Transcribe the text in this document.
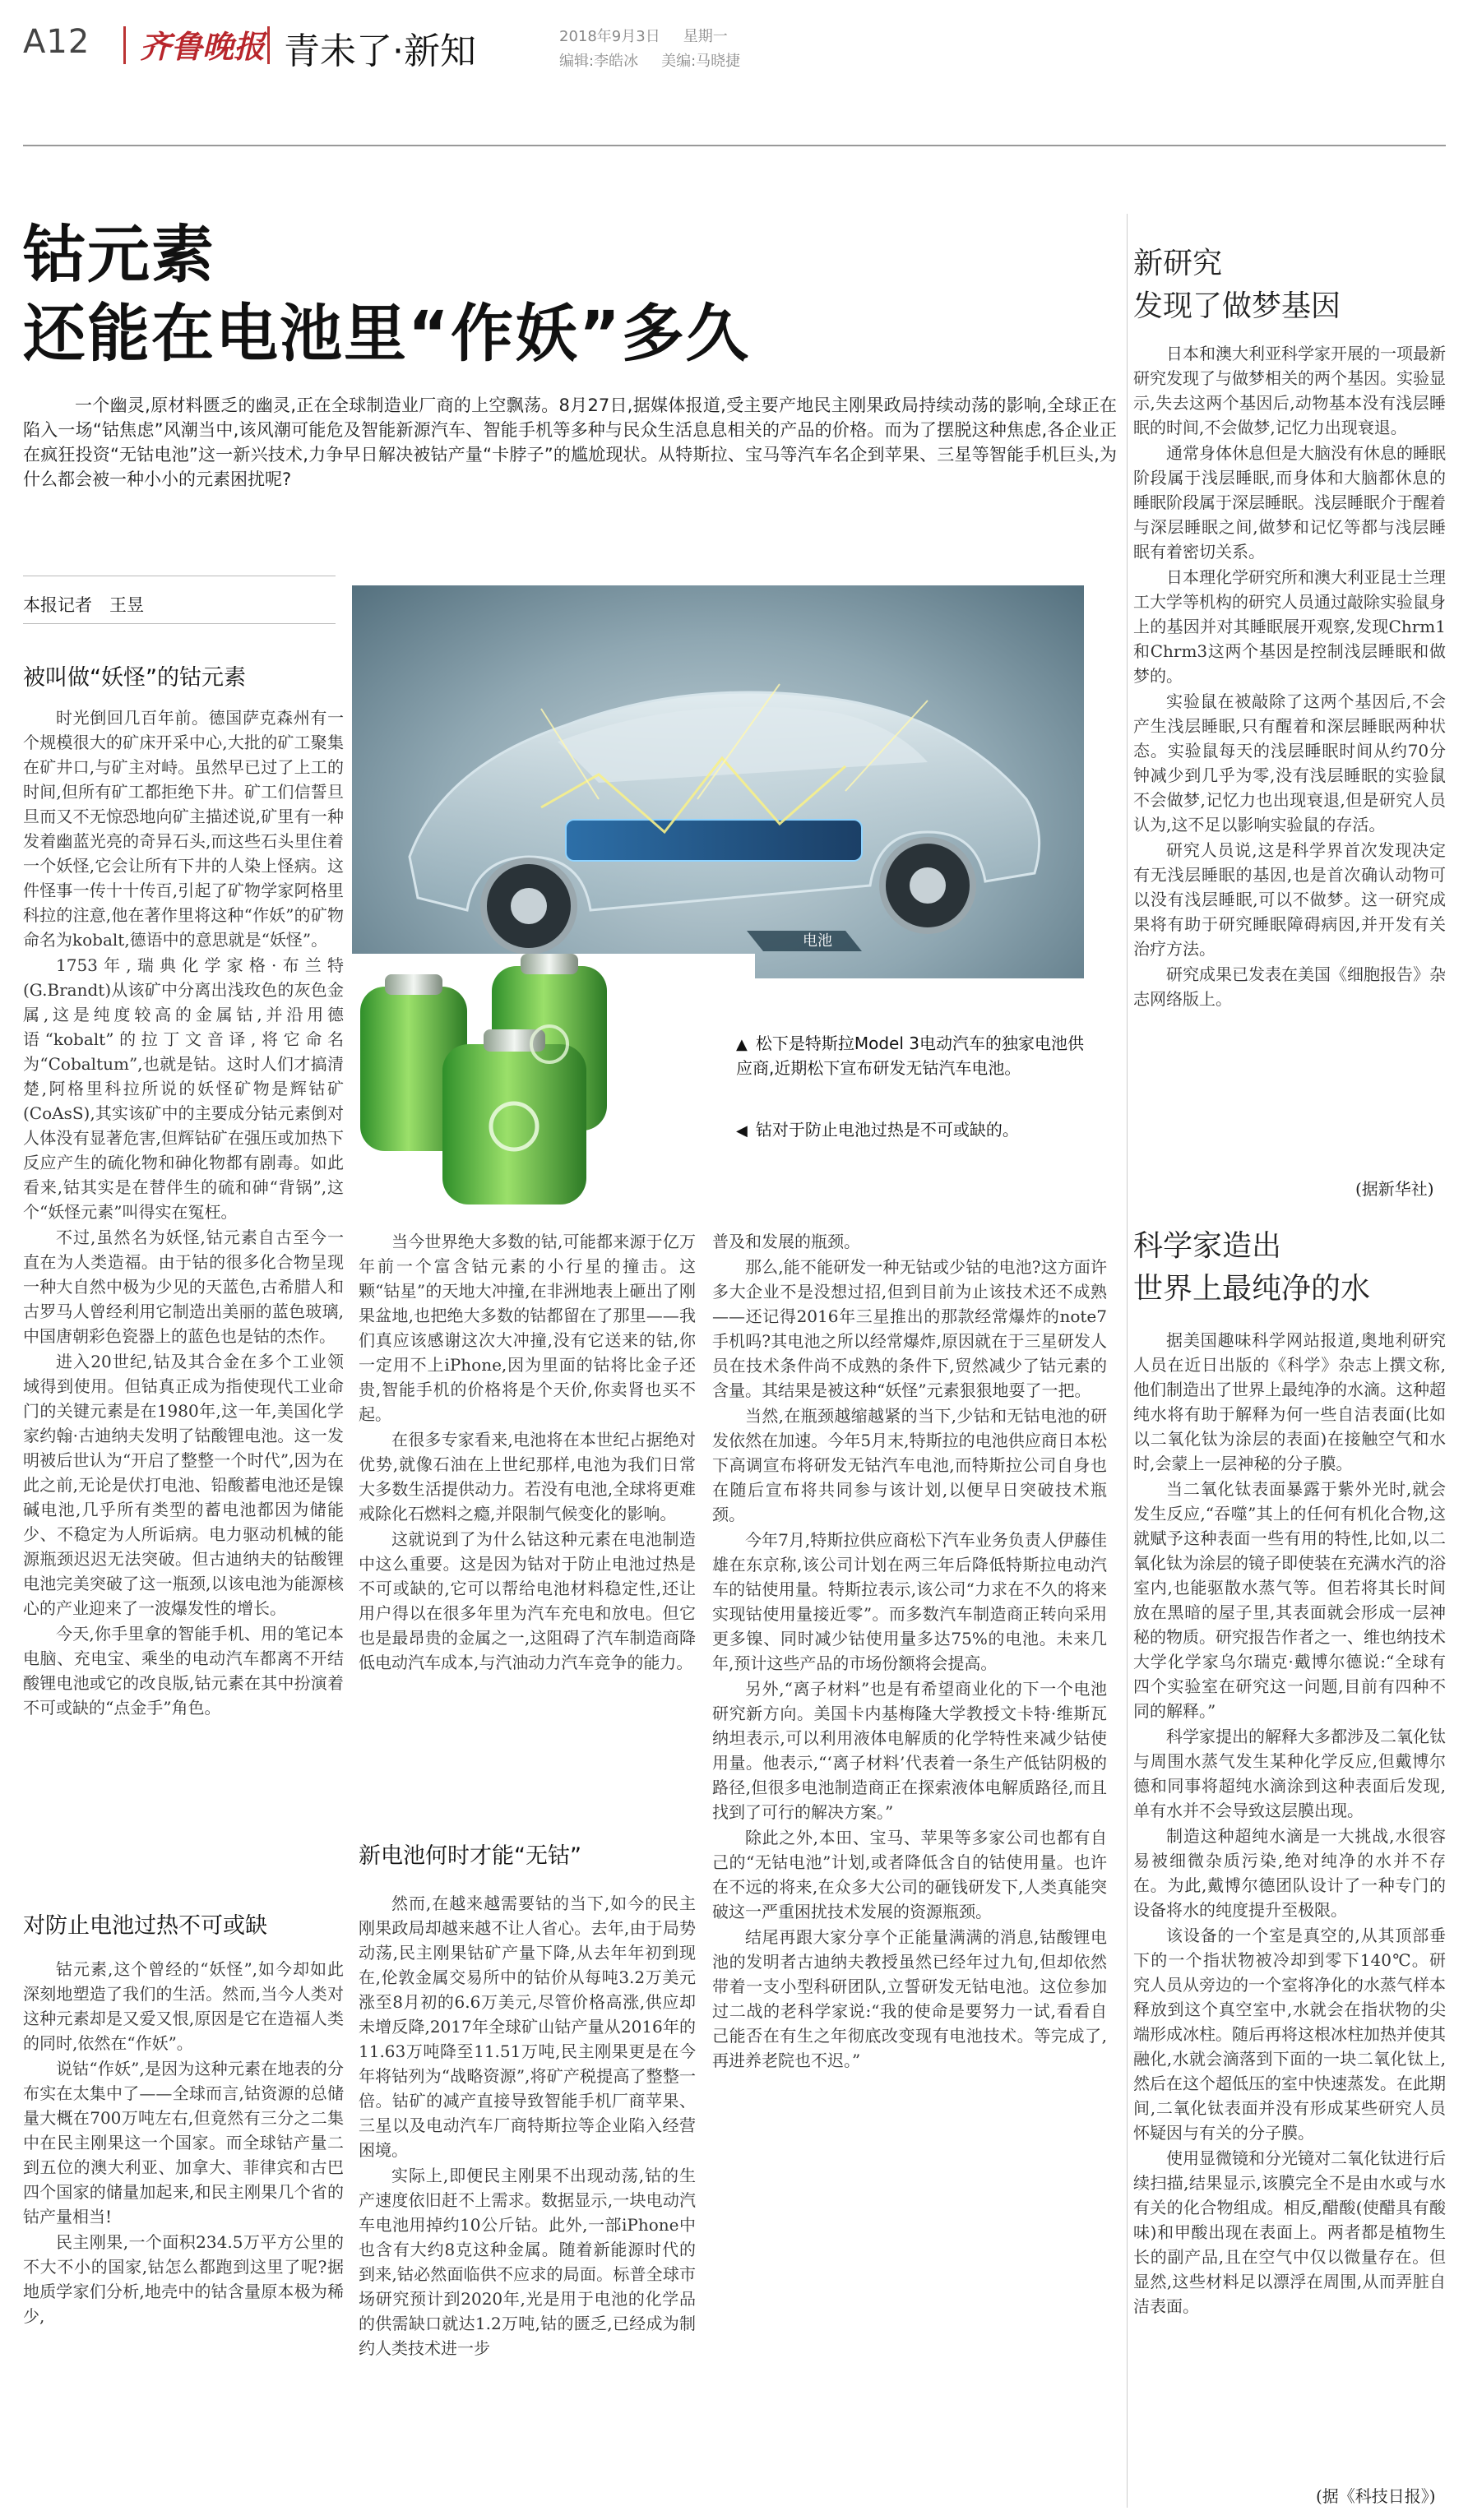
A12 齐鲁晚报 青未了·新知	2018年9月3日 星期一
编辑:李皓冰 美编:马晓捷
钴元素
还能在电池里“作妖”多久
一个幽灵,原材料匮乏的幽灵,正在全球制造业厂商的上空飘荡。8月27日,据媒体报道,受主要产地民主刚果政局持续动荡的影响,全球正在陷入一场“钴焦虑”风潮当中,该风潮可能危及智能新源汽车、智能手机等多种与民众生活息息相关的产品的价格。而为了摆脱这种焦虑,各企业正在疯狂投资“无钴电池”这一新兴技术,力争早日解决被钴产量“卡脖子”的尴尬现状。从特斯拉、宝马等汽车名企到苹果、三星等智能手机巨头,为什么都会被一种小小的元素困扰呢?
本报记者　王昱
电池
▲ 松下是特斯拉Model 3电动汽车的独家电池供应商,近期松下宣布研发无钴汽车电池。
◀ 钴对于防止电池过热是不可或缺的。
被叫做“妖怪”的钴元素

时光倒回几百年前。德国萨克森州有一个规模很大的矿床开采中心,大批的矿工聚集在矿井口,与矿主对峙。虽然早已过了上工的时间,但所有矿工都拒绝下井。矿工们信誓旦旦而又不无惊恐地向矿主描述说,矿里有一种发着幽蓝光亮的奇异石头,而这些石头里住着一个妖怪,它会让所有下井的人染上怪病。这件怪事一传十十传百,引起了矿物学家阿格里科拉的注意,他在著作里将这种“作妖”的矿物命名为kobalt,德语中的意思就是“妖怪”。

1753年,瑞典化学家格·布兰特(G.Brandt)从该矿中分离出浅玫色的灰色金属,这是纯度较高的金属钴,并沿用德语“kobalt”的拉丁文音译,将它命名为“Cobaltum”,也就是钴。这时人们才搞清楚,阿格里科拉所说的妖怪矿物是辉钴矿(CoAsS),其实该矿中的主要成分钴元素倒对人体没有显著危害,但辉钴矿在强压或加热下反应产生的硫化物和砷化物都有剧毒。如此看来,钴其实是在替伴生的硫和砷“背锅”,这个“妖怪元素”叫得实在冤枉。

不过,虽然名为妖怪,钴元素自古至今一直在为人类造福。由于钴的很多化合物呈现一种大自然中极为少见的天蓝色,古希腊人和古罗马人曾经利用它制造出美丽的蓝色玻璃,中国唐朝彩色瓷器上的蓝色也是钴的杰作。

进入20世纪,钴及其合金在多个工业领域得到使用。但钴真正成为指使现代工业命门的关键元素是在1980年,这一年,美国化学家约翰·古迪纳夫发明了钴酸锂电池。这一发明被后世认为“开启了整整一个时代”,因为在此之前,无论是伏打电池、铅酸蓄电池还是镍碱电池,几乎所有类型的蓄电池都因为储能少、不稳定为人所诟病。电力驱动机械的能源瓶颈迟迟无法突破。但古迪纳夫的钴酸锂电池完美突破了这一瓶颈,以该电池为能源核心的产业迎来了一波爆发性的增长。

今天,你手里拿的智能手机、用的笔记本电脑、充电宝、乘坐的电动汽车都离不开结酸锂电池或它的改良版,钴元素在其中扮演着不可或缺的“点金手”角色。

对防止电池过热不可或缺

钴元素,这个曾经的“妖怪”,如今却如此深刻地塑造了我们的生活。然而,当今人类对这种元素却是又爱又恨,原因是它在造福人类的同时,依然在“作妖”。

说钴“作妖”,是因为这种元素在地表的分布实在太集中了——全球而言,钴资源的总储量大概在700万吨左右,但竟然有三分之二集中在民主刚果这一个国家。而全球钴产量二到五位的澳大利亚、加拿大、菲律宾和古巴四个国家的储量加起来,和民主刚果几个省的钴产量相当!

民主刚果,一个面积234.5万平方公里的不大不小的国家,钴怎么都跑到这里了呢?据地质学家们分析,地壳中的钴含量原本极为稀少,

当今世界绝大多数的钴,可能都来源于亿万年前一个富含钴元素的小行星的撞击。这颗“钴星”的天地大冲撞,在非洲地表上砸出了刚果盆地,也把绝大多数的钴都留在了那里——我们真应该感谢这次大冲撞,没有它送来的钴,你一定用不上iPhone,因为里面的钴将比金子还贵,智能手机的价格将是个天价,你卖肾也买不起。

在很多专家看来,电池将在本世纪占据绝对优势,就像石油在上世纪那样,电池为我们日常大多数生活提供动力。若没有电池,全球将更难戒除化石燃料之瘾,并限制气候变化的影响。

这就说到了为什么钴这种元素在电池制造中这么重要。这是因为钴对于防止电池过热是不可或缺的,它可以帮给电池材料稳定性,还让用户得以在很多年里为汽车充电和放电。但它也是最昂贵的金属之一,这阻碍了汽车制造商降低电动汽车成本,与汽油动力汽车竞争的能力。

新电池何时才能“无钴”

然而,在越来越需要钴的当下,如今的民主刚果政局却越来越不让人省心。去年,由于局势动荡,民主刚果钴矿产量下降,从去年年初到现在,伦敦金属交易所中的钴价从每吨3.2万美元涨至8月初的6.6万美元,尽管价格高涨,供应却未增反降,2017年全球矿山钴产量从2016年的11.63万吨降至11.51万吨,民主刚果更是在今年将钴列为“战略资源”,将矿产税提高了整整一倍。钴矿的减产直接导致智能手机厂商苹果、三星以及电动汽车厂商特斯拉等企业陷入经营困境。

实际上,即便民主刚果不出现动荡,钴的生产速度依旧赶不上需求。数据显示,一块电动汽车电池用掉约10公斤钴。此外,一部iPhone中也含有大约8克这种金属。随着新能源时代的到来,钴必然面临供不应求的局面。标普全球市场研究预计到2020年,光是用于电池的化学品的供需缺口就达1.2万吨,钴的匮乏,已经成为制约人类技术进一步

普及和发展的瓶颈。

那么,能不能研发一种无钴或少钴的电池?这方面许多大企业不是没想过招,但到目前为止该技术还不成熟——还记得2016年三星推出的那款经常爆炸的note7手机吗?其电池之所以经常爆炸,原因就在于三星研发人员在技术条件尚不成熟的条件下,贸然减少了钴元素的含量。其结果是被这种“妖怪”元素狠狠地耍了一把。

当然,在瓶颈越缩越紧的当下,少钴和无钴电池的研发依然在加速。今年5月末,特斯拉的电池供应商日本松下高调宣布将研发无钴汽车电池,而特斯拉公司自身也在随后宣布将共同参与该计划,以便早日突破技术瓶颈。

今年7月,特斯拉供应商松下汽车业务负责人伊藤佳雄在东京称,该公司计划在两三年后降低特斯拉电动汽车的钴使用量。特斯拉表示,该公司“力求在不久的将来实现钴使用量接近零”。而多数汽车制造商正转向采用更多镍、同时减少钴使用量多达75%的电池。未来几年,预计这些产品的市场份额将会提高。

另外,“离子材料”也是有希望商业化的下一个电池研究新方向。美国卡内基梅隆大学教授文卡特·维斯瓦纳坦表示,可以利用液体电解质的化学特性来减少钴使用量。他表示,“‘离子材料’代表着一条生产低钴阴极的路径,但很多电池制造商正在探索液体电解质路径,而且找到了可行的解决方案。”

除此之外,本田、宝马、苹果等多家公司也都有自己的“无钴电池”计划,或者降低含自的钴使用量。也许在不远的将来,在众多大公司的砸钱研发下,人类真能突破这一严重困扰技术发展的资源瓶颈。

结尾再跟大家分享个正能量满满的消息,钴酸锂电池的发明者古迪纳夫教授虽然已经年过九旬,但却依然带着一支小型科研团队,立誓研发无钴电池。这位参加过二战的老科学家说:“我的使命是要努力一试,看看自己能否在有生之年彻底改变现有电池技术。等完成了,再进养老院也不迟。”

新研究
发现了做梦基因

日本和澳大利亚科学家开展的一项最新研究发现了与做梦相关的两个基因。实验显示,失去这两个基因后,动物基本没有浅层睡眠的时间,不会做梦,记忆力出现衰退。

通常身体休息但是大脑没有休息的睡眠阶段属于浅层睡眠,而身体和大脑都休息的睡眠阶段属于深层睡眠。浅层睡眠介于醒着与深层睡眠之间,做梦和记忆等都与浅层睡眠有着密切关系。

日本理化学研究所和澳大利亚昆士兰理工大学等机构的研究人员通过敲除实验鼠身上的基因并对其睡眠展开观察,发现Chrm1和Chrm3这两个基因是控制浅层睡眠和做梦的。

实验鼠在被敲除了这两个基因后,不会产生浅层睡眠,只有醒着和深层睡眠两种状态。实验鼠每天的浅层睡眠时间从约70分钟减少到几乎为零,没有浅层睡眠的实验鼠不会做梦,记忆力也出现衰退,但是研究人员认为,这不足以影响实验鼠的存活。

研究人员说,这是科学界首次发现决定有无浅层睡眠的基因,也是首次确认动物可以没有浅层睡眠,可以不做梦。这一研究成果将有助于研究睡眠障碍病因,并开发有关治疗方法。

研究成果已发表在美国《细胞报告》杂志网络版上。

(据新华社)
科学家造出
世界上最纯净的水

据美国趣味科学网站报道,奥地利研究人员在近日出版的《科学》杂志上撰文称,他们制造出了世界上最纯净的水滴。这种超纯水将有助于解释为何一些自洁表面(比如以二氧化钛为涂层的表面)在接触空气和水时,会蒙上一层神秘的分子膜。

当二氧化钛表面暴露于紫外光时,就会发生反应,“吞噬”其上的任何有机化合物,这就赋予这种表面一些有用的特性,比如,以二氧化钛为涂层的镜子即使装在充满水汽的浴室内,也能驱散水蒸气等。但若将其长时间放在黑暗的屋子里,其表面就会形成一层神秘的物质。研究报告作者之一、维也纳技术大学化学家乌尔瑞克·戴博尔德说:“全球有四个实验室在研究这一问题,目前有四种不同的解释。”

科学家提出的解释大多都涉及二氧化钛与周围水蒸气发生某种化学反应,但戴博尔德和同事将超纯水滴涂到这种表面后发现,单有水并不会导致这层膜出现。

制造这种超纯水滴是一大挑战,水很容易被细微杂质污染,绝对纯净的水并不存在。为此,戴博尔德团队设计了一种专门的设备将水的纯度提升至极限。

该设备的一个室是真空的,从其顶部垂下的一个指状物被冷却到零下140℃。研究人员从旁边的一个室将净化的水蒸气样本释放到这个真空室中,水就会在指状物的尖端形成冰柱。随后再将这根冰柱加热并使其融化,水就会滴落到下面的一块二氧化钛上,然后在这个超低压的室中快速蒸发。在此期间,二氧化钛表面并没有形成某些研究人员怀疑因与有关的分子膜。

使用显微镜和分光镜对二氧化钛进行后续扫描,结果显示,该膜完全不是由水或与水有关的化合物组成。相反,醋酸(使醋具有酸味)和甲酸出现在表面上。两者都是植物生长的副产品,且在空气中仅以微量存在。但显然,这些材料足以漂浮在周围,从而弄脏自洁表面。

(据《科技日报》)
